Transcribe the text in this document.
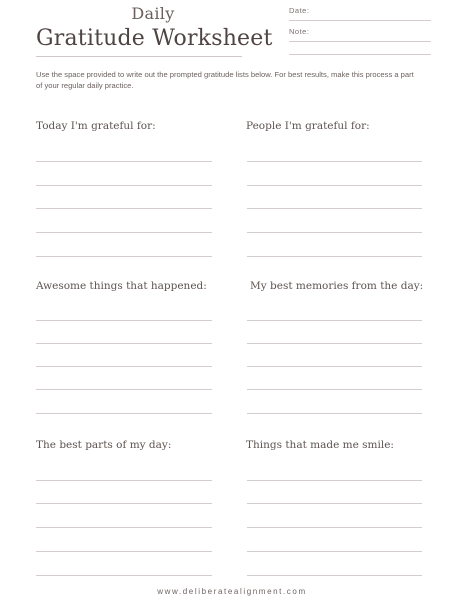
Daily
Gratitude Worksheet
Date:
Note:
Use the space provided to write out the prompted gratitude lists below. For best results, make this process a part of your regular daily practice.
Today I'm grateful for:	People I'm grateful for:
Awesome things that happened:	My best memories from the day:
The best parts of my day:	Things that made me smile:
www.deliberatealignment.com
